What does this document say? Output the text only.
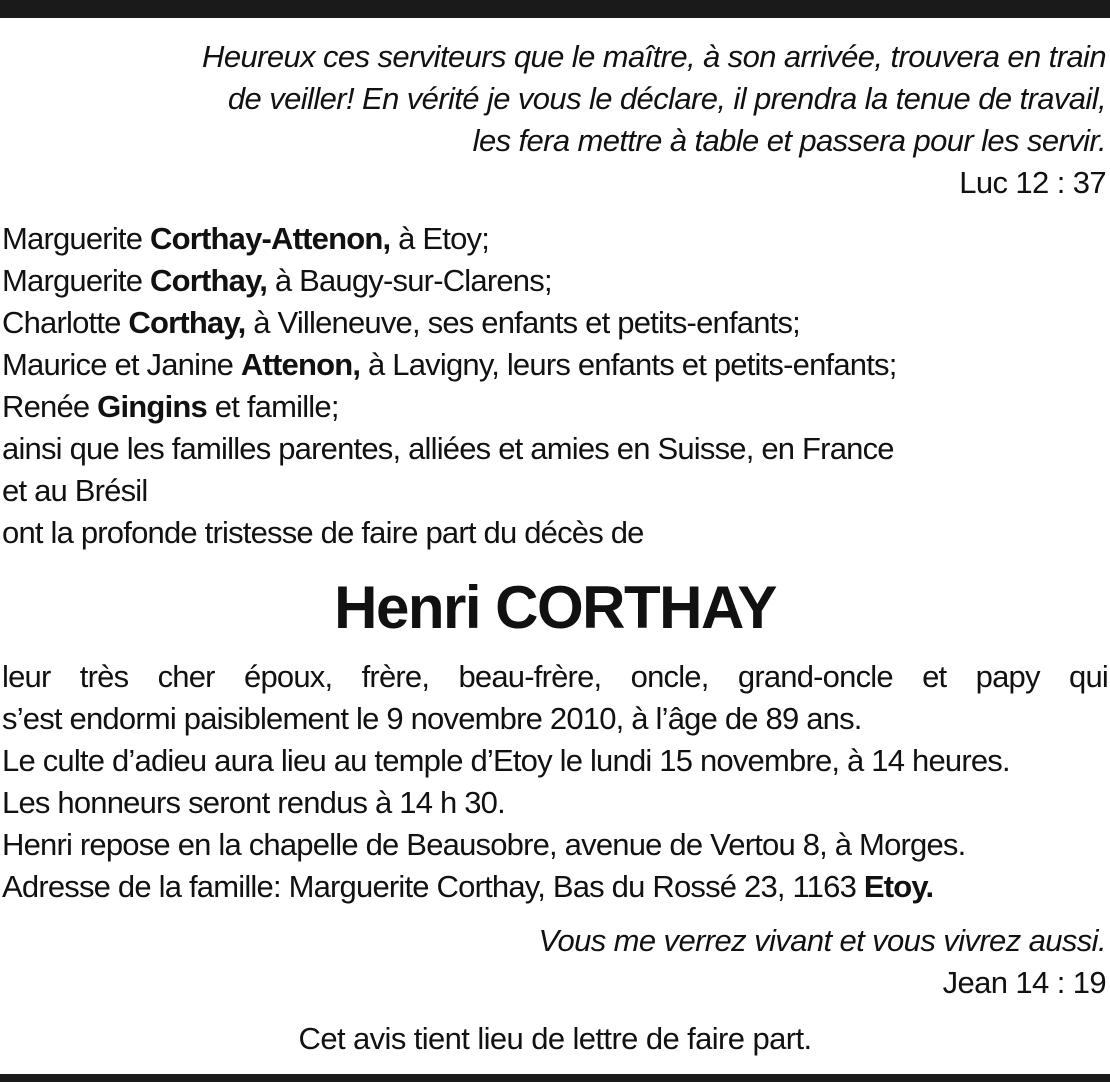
Heureux ces serviteurs que le maître, à son arrivée, trouvera en train
de veiller! En vérité je vous le déclare, il prendra la tenue de travail,
les fera mettre à table et passera pour les servir.
Luc 12 : 37
Marguerite Corthay-Attenon, à Etoy;
Marguerite Corthay, à Baugy-sur-Clarens;
Charlotte Corthay, à Villeneuve, ses enfants et petits-enfants;
Maurice et Janine Attenon, à Lavigny, leurs enfants et petits-enfants;
Renée Gingins et famille;
ainsi que les familles parentes, alliées et amies en Suisse, en France
et au Brésil
ont la profonde tristesse de faire part du décès de
Henri CORTHAY
leur très cher époux, frère, beau-frère, oncle, grand-oncle et papy qui
s’est endormi paisiblement le 9 novembre 2010, à l’âge de 89 ans.
Le culte d’adieu aura lieu au temple d’Etoy le lundi 15 novembre, à 14 heures.
Les honneurs seront rendus à 14 h 30.
Henri repose en la chapelle de Beausobre, avenue de Vertou 8, à Morges.
Adresse de la famille: Marguerite Corthay, Bas du Rossé 23, 1163 Etoy.
Vous me verrez vivant et vous vivrez aussi.
Jean 14 : 19
Cet avis tient lieu de lettre de faire part.
